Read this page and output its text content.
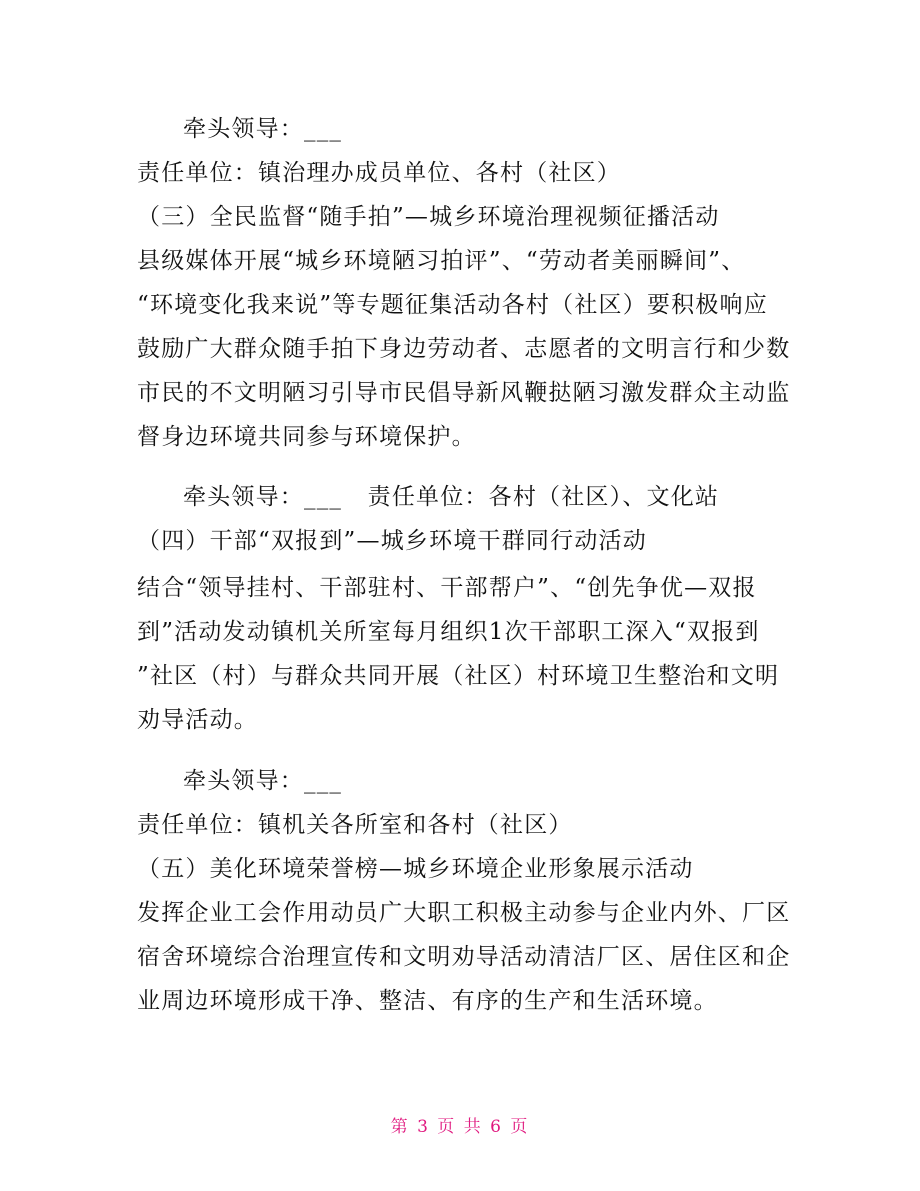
牵头领导：___
责任单位：镇治理办成员单位、各村（社区）
（三）全民监督“随手拍”—城乡环境治理视频征播活动
县级媒体开展“城乡环境陋习拍评”、“劳动者美丽瞬间”、
“环境变化我来说”等专题征集活动各村（社区）要积极响应
鼓励广大群众随手拍下身边劳动者、志愿者的文明言行和少数
市民的不文明陋习引导市民倡导新风鞭挞陋习激发群众主动监
督身边环境共同参与环境保护。
牵头领导：___   责任单位：各村（社区）、文化站
（四）干部“双报到”—城乡环境干群同行动活动
结合“领导挂村、干部驻村、干部帮户”、“创先争优—双报
到”活动发动镇机关所室每月组织1次干部职工深入“双报到
”社区（村）与群众共同开展（社区）村环境卫生整治和文明
劝导活动。
牵头领导：___
责任单位：镇机关各所室和各村（社区）
（五）美化环境荣誉榜—城乡环境企业形象展示活动
发挥企业工会作用动员广大职工积极主动参与企业内外、厂区
宿舍环境综合治理宣传和文明劝导活动清洁厂区、居住区和企
业周边环境形成干净、整洁、有序的生产和生活环境。
第 3 页 共 6 页
